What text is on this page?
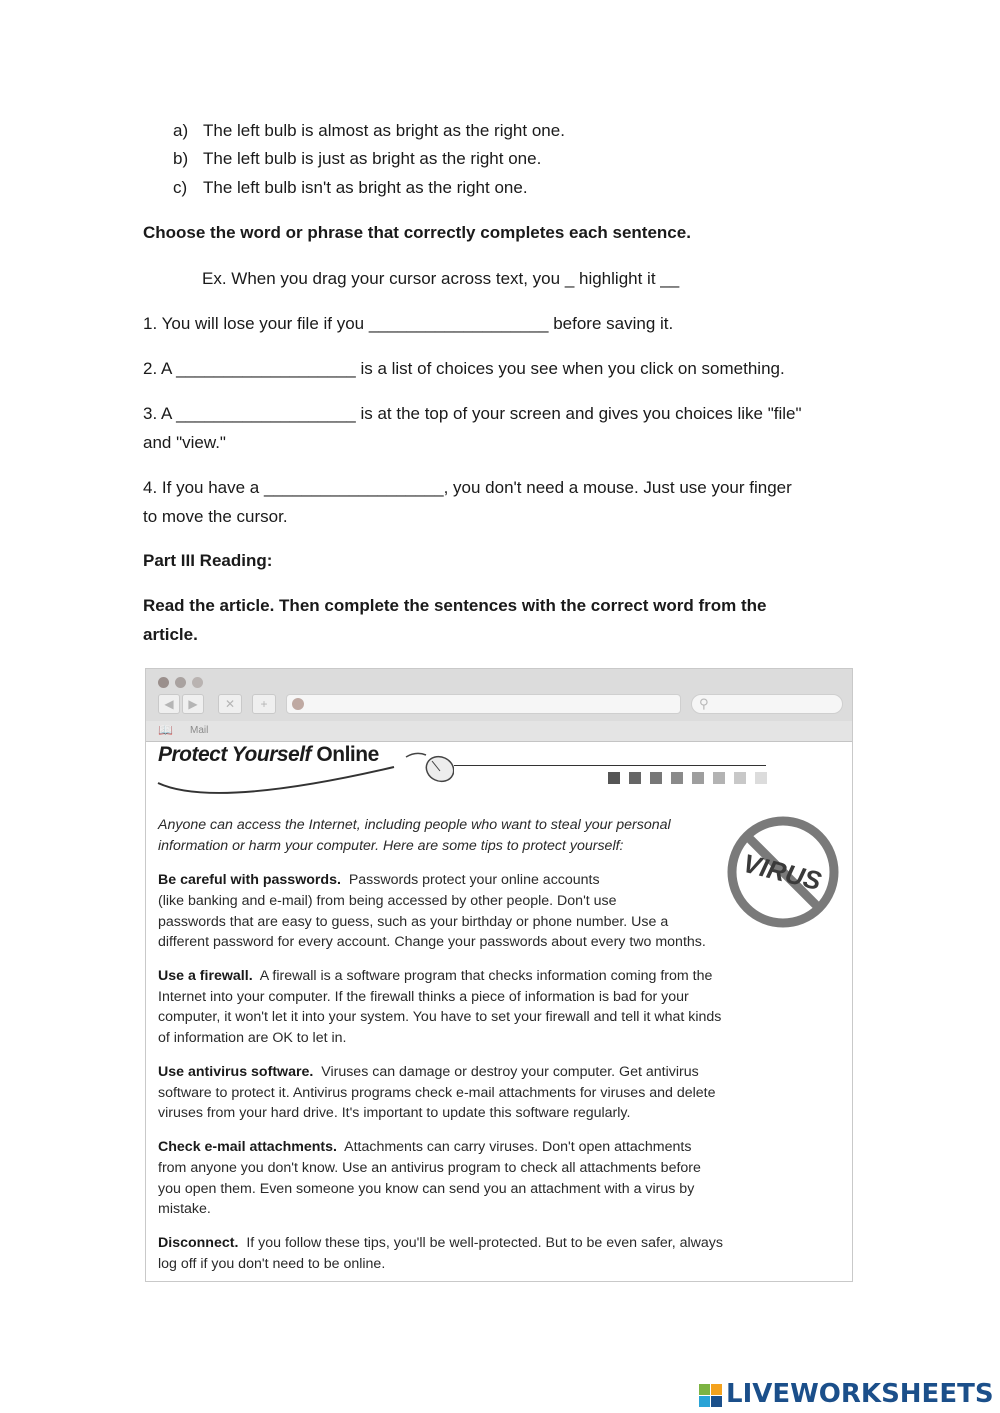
a) The left bulb is almost as bright as the right one.
b) The left bulb is just as bright as the right one.
c) The left bulb isn't as bright as the right one.
Choose the word or phrase that correctly completes each sentence.
Ex. When you drag your cursor across text, you _ highlight it __
1. You will lose your file if you ___________________ before saving it.
2. A ___________________ is a list of choices you see when you click on something.
3. A ___________________ is at the top of your screen and gives you choices like "file"
and "view."
4. If you have a ___________________, you don't need a mouse. Just use your finger
to move the cursor.
Part III Reading:
Read the article. Then complete the sentences with the correct word from the
article.
◀	▶	✕	+	⚲
📖 Mail
Protect Yourself Online
Anyone can access the Internet, including people who want to steal your personal
information or harm your computer. Here are some tips to protect yourself:
VIRUS
Be careful with passwords. Passwords protect your online accounts
(like banking and e-mail) from being accessed by other people. Don't use
passwords that are easy to guess, such as your birthday or phone number. Use a
different password for every account. Change your passwords about every two months.
Use a firewall. A firewall is a software program that checks information coming from the
Internet into your computer. If the firewall thinks a piece of information is bad for your
computer, it won't let it into your system. You have to set your firewall and tell it what kinds
of information are OK to let in.
Use antivirus software. Viruses can damage or destroy your computer. Get antivirus
software to protect it. Antivirus programs check e-mail attachments for viruses and delete
viruses from your hard drive. It's important to update this software regularly.
Check e-mail attachments. Attachments can carry viruses. Don't open attachments
from anyone you don't know. Use an antivirus program to check all attachments before
you open them. Even someone you know can send you an attachment with a virus by
mistake.
Disconnect. If you follow these tips, you'll be well-protected. But to be even safer, always
log off if you don't need to be online.
LIVEWORKSHEETS
